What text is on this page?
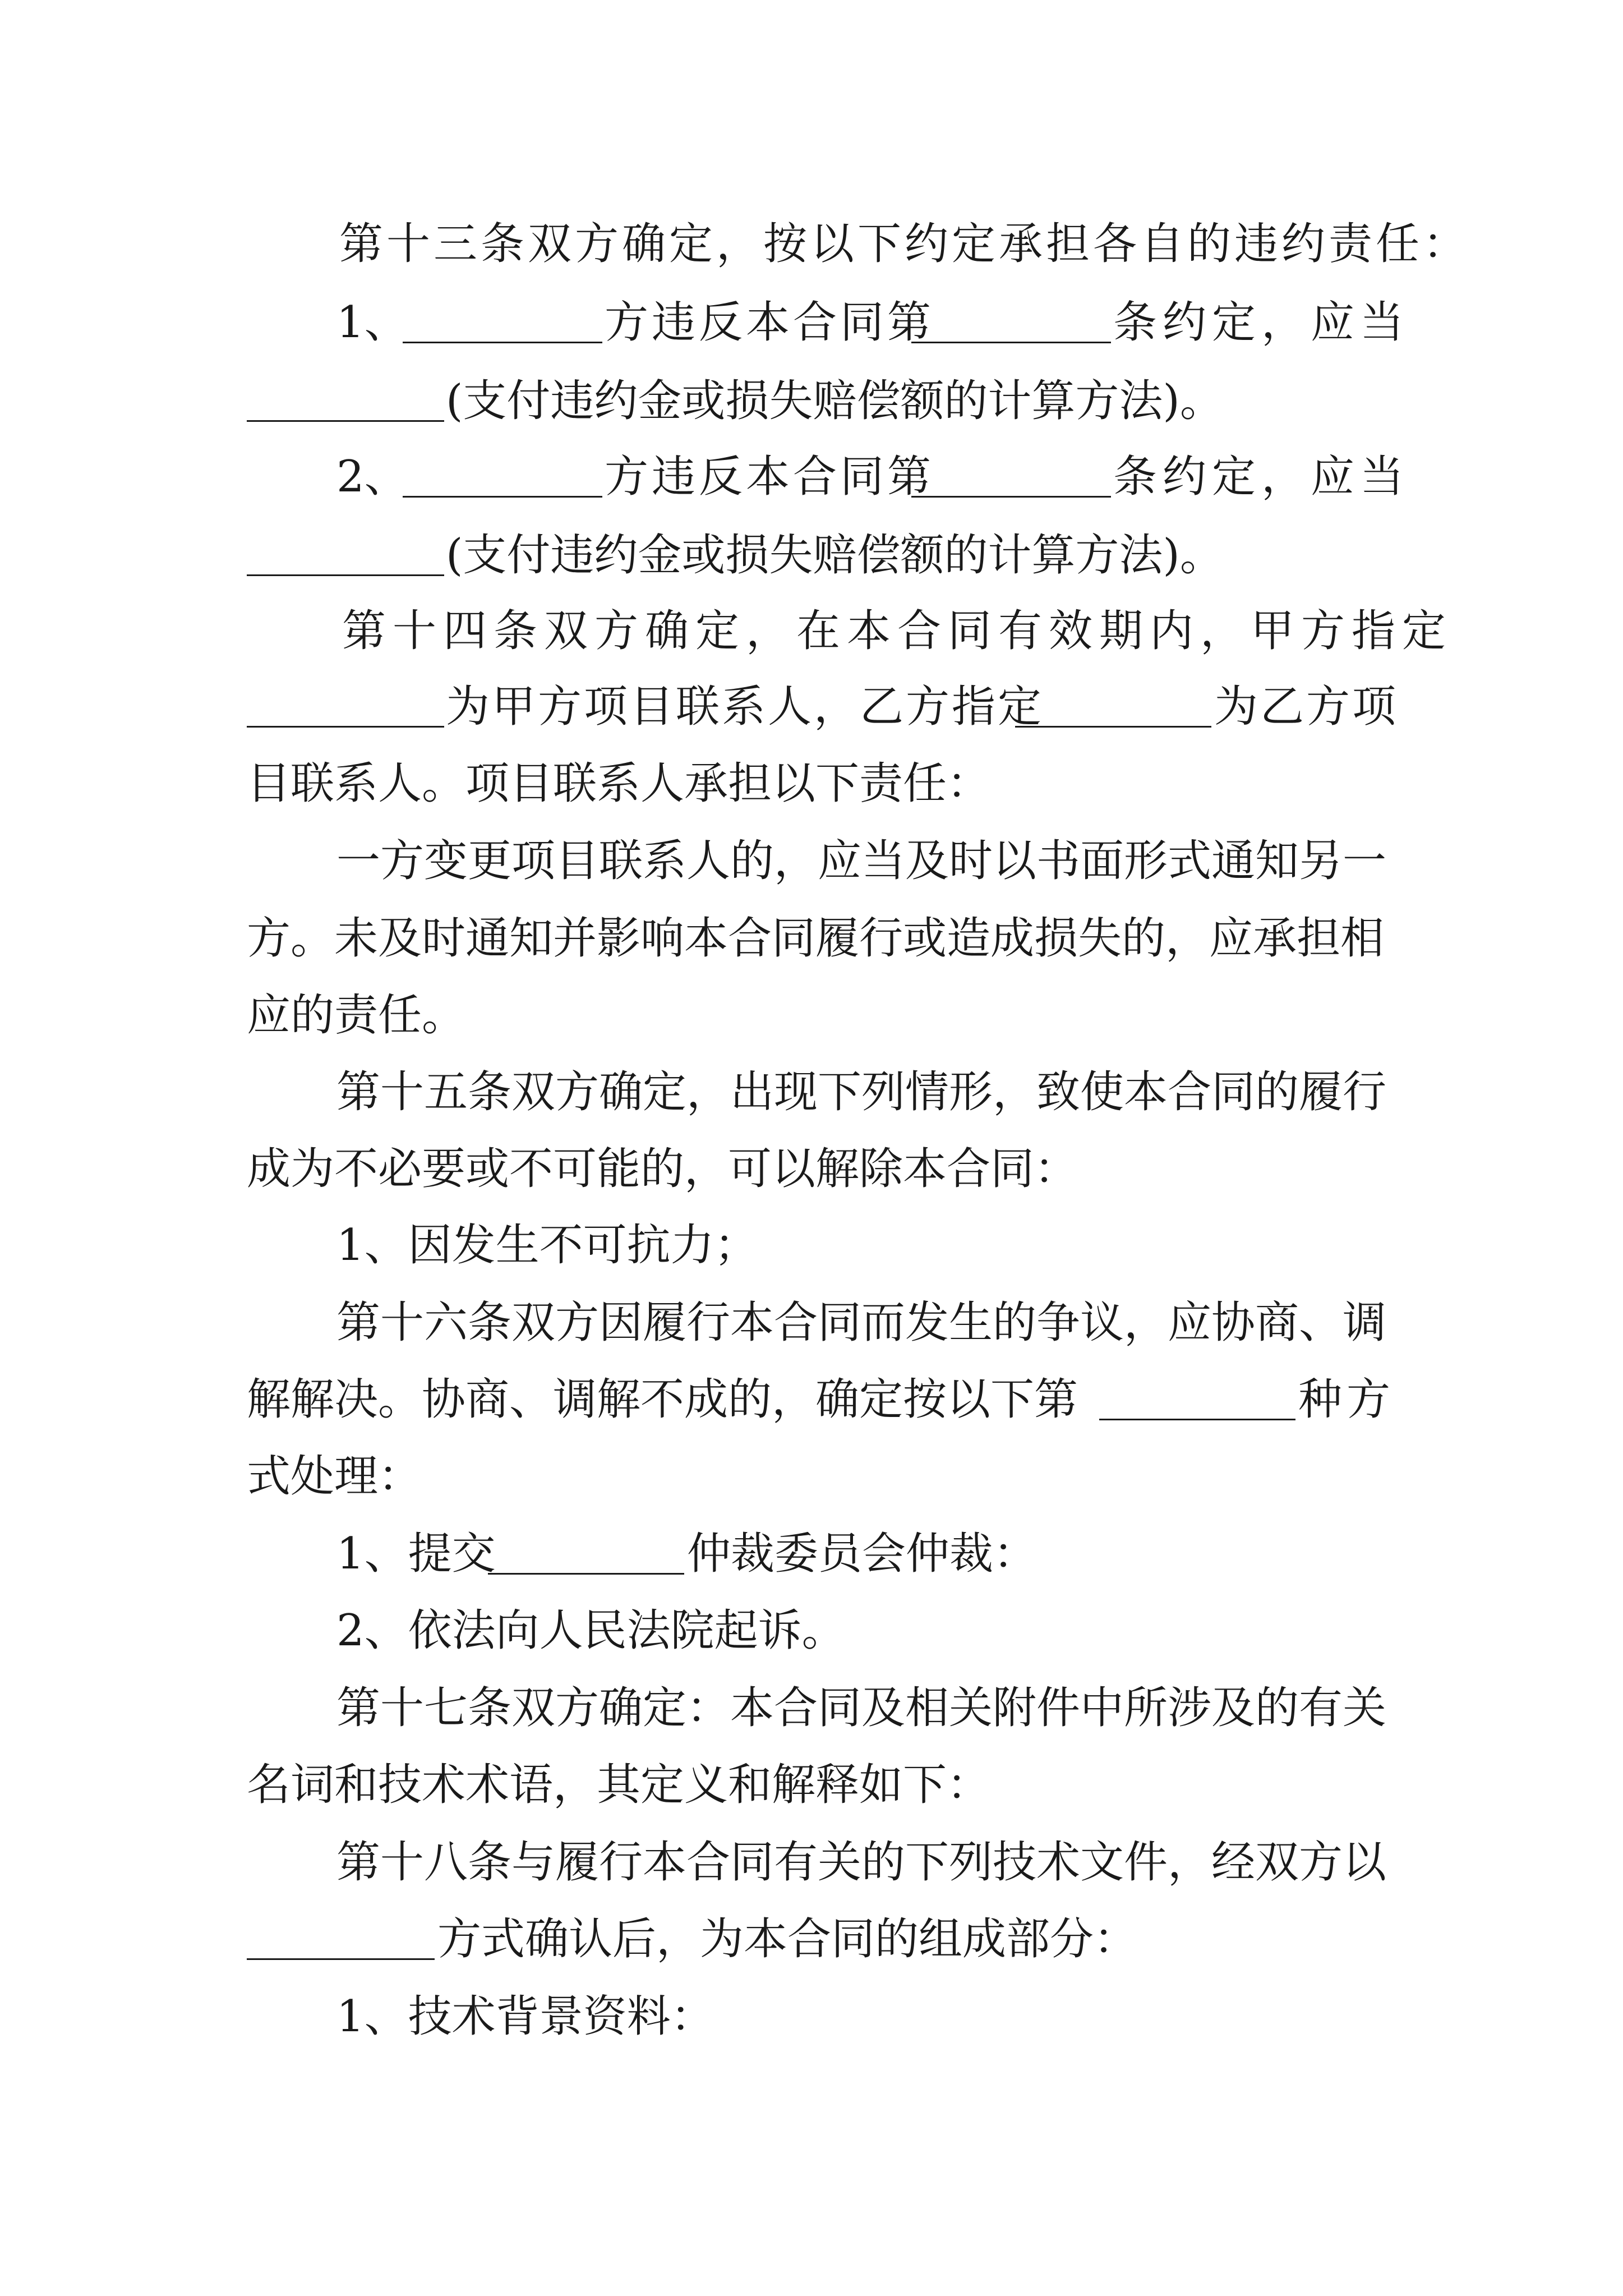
第十三条双方确定，按以下约定承担各自的违约责任：
1、	方违反本合同第	条约定，应当
(支付违约金或损失赔偿额的计算方法)。
2、	方违反本合同第	条约定，应当
(支付违约金或损失赔偿额的计算方法)。
第十四条双方确定，在本合同有效期内，甲方指定
为甲方项目联系人，乙方指定	为乙方项
目联系人。项目联系人承担以下责任：
一方变更项目联系人的，应当及时以书面形式通知另一
方。未及时通知并影响本合同履行或造成损失的，应承担相
应的责任。
第十五条双方确定，出现下列情形，致使本合同的履行
成为不必要或不可能的，可以解除本合同：
1、因发生不可抗力；
第十六条双方因履行本合同而发生的争议，应协商、调
解解决。协商、调解不成的，确定按以下第	种方
式处理：
1、提交	仲裁委员会仲裁：
2、依法向人民法院起诉。
第十七条双方确定：本合同及相关附件中所涉及的有关
名词和技术术语，其定义和解释如下：
第十八条与履行本合同有关的下列技术文件，经双方以
方式确认后，为本合同的组成部分：
1、技术背景资料：
